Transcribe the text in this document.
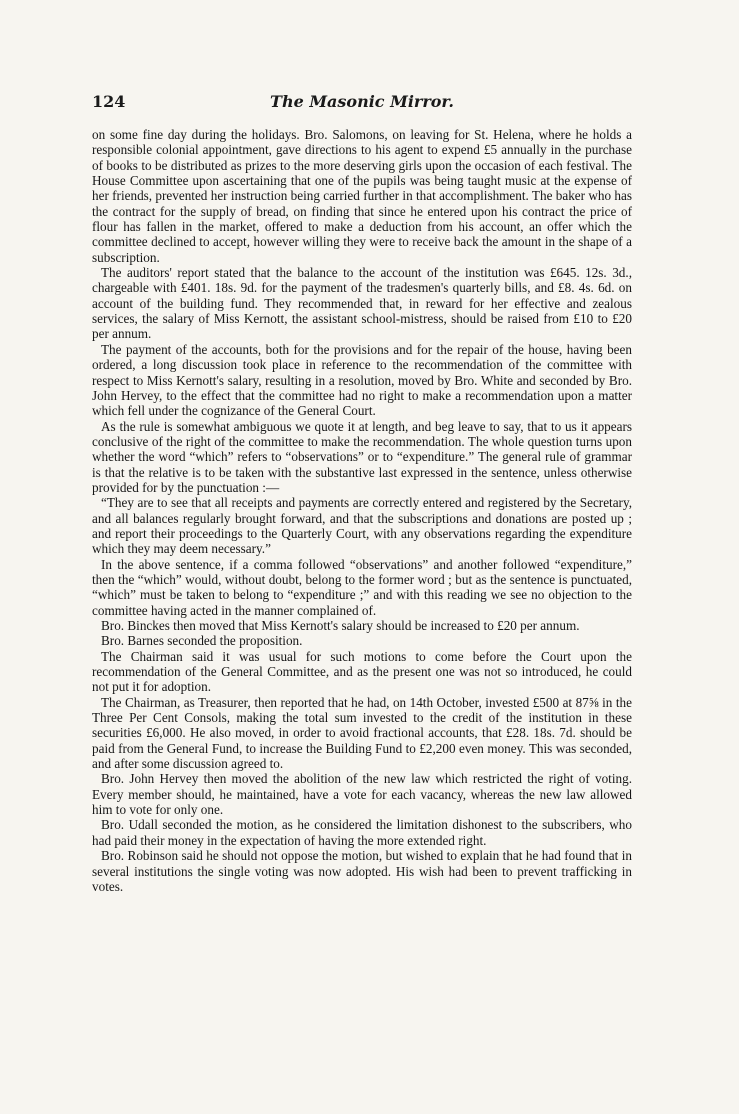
124	The Masonic Mirror.

on some fine day during the holidays. Bro. Salomons, on leaving for St. Helena, where he holds a responsible colonial appointment, gave directions to his agent to expend £5 annually in the purchase of books to be distributed as prizes to the more deserving girls upon the occasion of each festival. The House Committee upon ascertaining that one of the pupils was being taught music at the expense of her friends, prevented her instruction being carried further in that accomplishment. The baker who has the contract for the supply of bread, on finding that since he entered upon his contract the price of flour has fallen in the market, offered to make a deduction from his account, an offer which the committee declined to accept, however willing they were to receive back the amount in the shape of a subscription.

The auditors' report stated that the balance to the account of the institution was £645. 12s. 3d., chargeable with £401. 18s. 9d. for the payment of the tradesmen's quarterly bills, and £8. 4s. 6d. on account of the building fund. They recommended that, in reward for her effective and zealous services, the salary of Miss Kernott, the assistant school-mistress, should be raised from £10 to £20 per annum.

The payment of the accounts, both for the provisions and for the repair of the house, having been ordered, a long discussion took place in reference to the recommendation of the committee with respect to Miss Kernott's salary, resulting in a resolution, moved by Bro. White and seconded by Bro. John Hervey, to the effect that the committee had no right to make a recommendation upon a matter which fell under the cognizance of the General Court.

As the rule is somewhat ambiguous we quote it at length, and beg leave to say, that to us it appears conclusive of the right of the committee to make the recommendation. The whole question turns upon whether the word “which” refers to “observations” or to “expenditure.” The general rule of grammar is that the relative is to be taken with the substantive last expressed in the sentence, unless otherwise provided for by the punctuation :—

“They are to see that all receipts and payments are correctly entered and registered by the Secretary, and all balances regularly brought forward, and that the subscriptions and donations are posted up ; and report their proceedings to the Quarterly Court, with any observations regarding the expenditure which they may deem necessary.”

In the above sentence, if a comma followed “observations” and another followed “expenditure,” then the “which” would, without doubt, belong to the former word ; but as the sentence is punctuated, “which” must be taken to belong to “expenditure ;” and with this reading we see no objection to the committee having acted in the manner complained of.

Bro. Binckes then moved that Miss Kernott's salary should be increased to £20 per annum.

Bro. Barnes seconded the proposition.

The Chairman said it was usual for such motions to come before the Court upon the recommendation of the General Committee, and as the present one was not so introduced, he could not put it for adoption.

The Chairman, as Treasurer, then reported that he had, on 14th October, invested £500 at 87⅝ in the Three Per Cent Consols, making the total sum invested to the credit of the institution in these securities £6,000. He also moved, in order to avoid fractional accounts, that £28. 18s. 7d. should be paid from the General Fund, to increase the Building Fund to £2,200 even money. This was seconded, and after some discussion agreed to.

Bro. John Hervey then moved the abolition of the new law which restricted the right of voting. Every member should, he maintained, have a vote for each vacancy, whereas the new law allowed him to vote for only one.

Bro. Udall seconded the motion, as he considered the limitation dishonest to the subscribers, who had paid their money in the expectation of having the more extended right.

Bro. Robinson said he should not oppose the motion, but wished to explain that he had found that in several institutions the single voting was now adopted. His wish had been to prevent trafficking in votes.
